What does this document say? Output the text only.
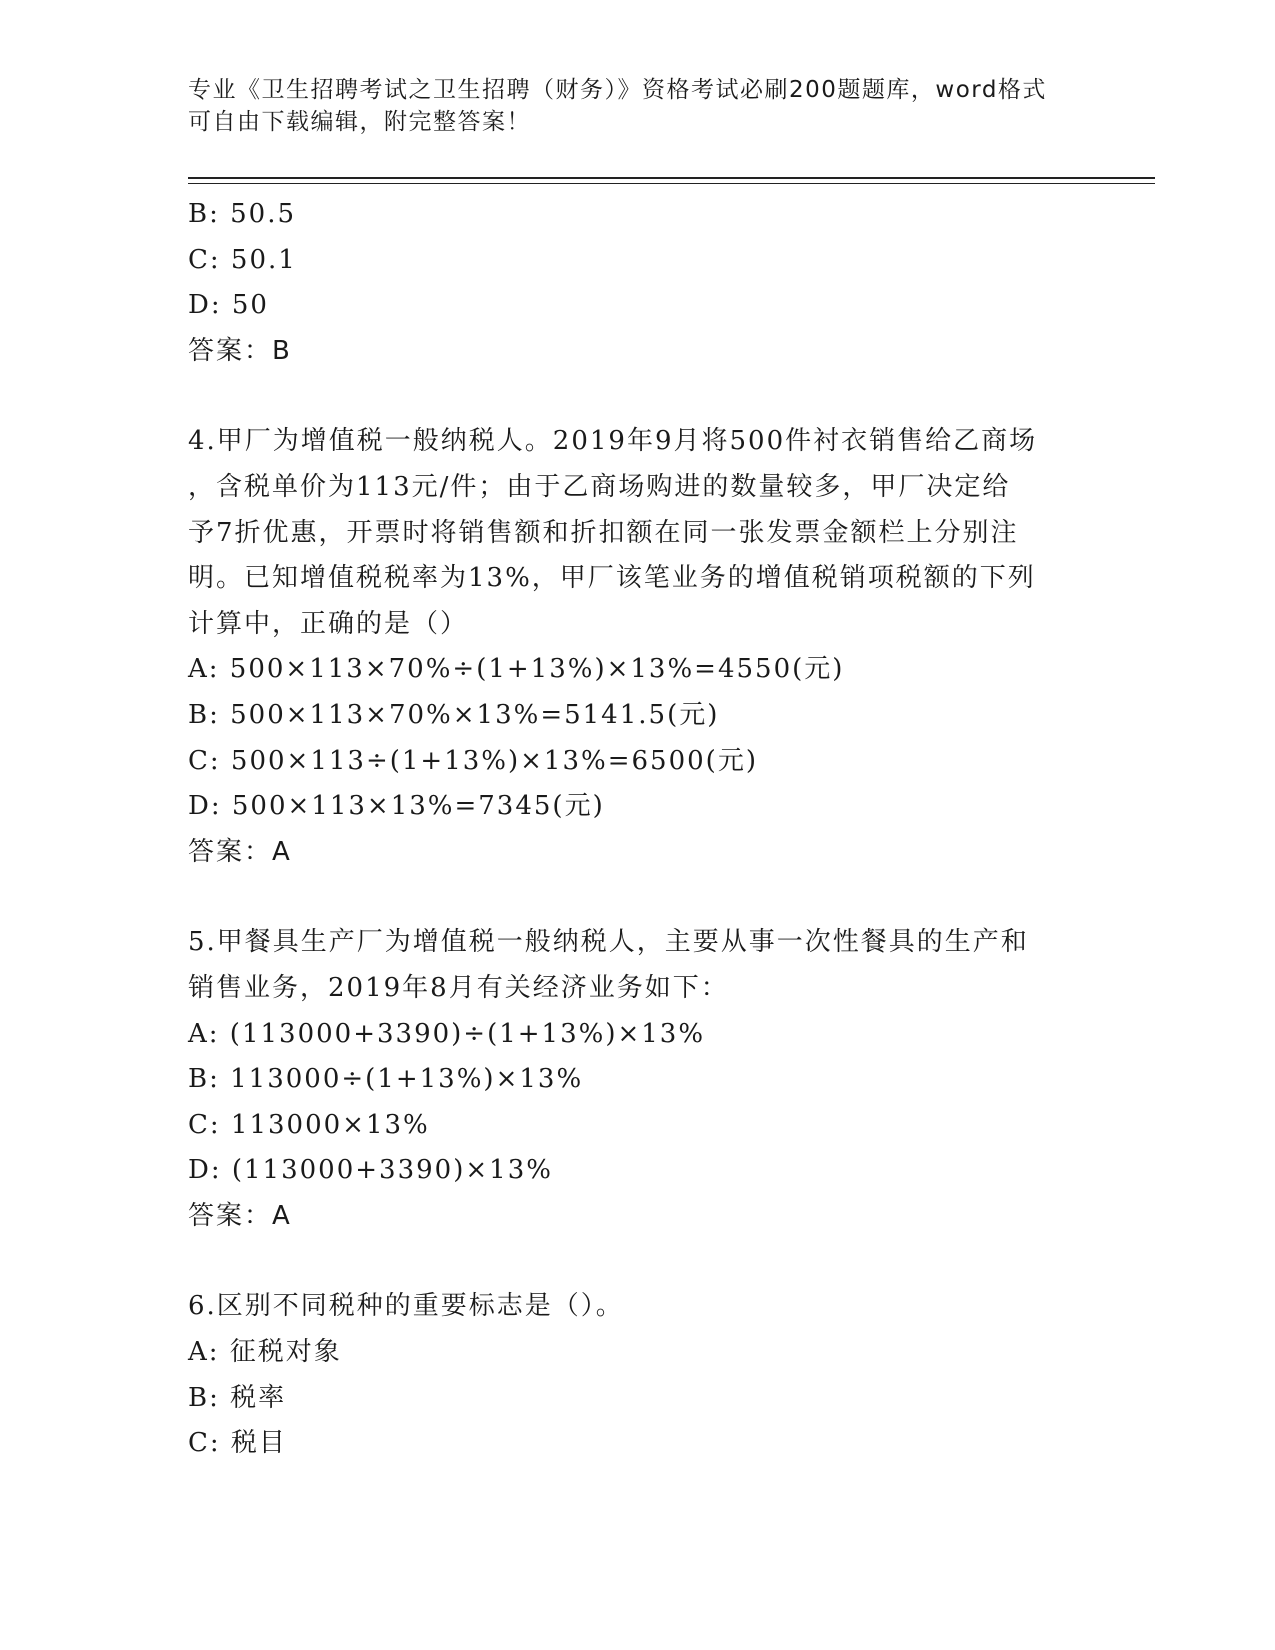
专业《卫生招聘考试之卫生招聘（财务）》资格考试必刷200题题库，word格式
可自由下载编辑，附完整答案！
B: 50.5
C: 50.1
D: 50
答案：B
4.甲厂为增值税一般纳税人。2019年9月将500件衬衣销售给乙商场
，含税单价为113元/件；由于乙商场购进的数量较多，甲厂决定给
予7折优惠，开票时将销售额和折扣额在同一张发票金额栏上分别注
明。已知增值税税率为13%，甲厂该笔业务的增值税销项税额的下列
计算中，正确的是（）
A: 500×113×70%÷(1+13%)×13%=4550(元)
B: 500×113×70%×13%=5141.5(元)
C: 500×113÷(1+13%)×13%=6500(元)
D: 500×113×13%=7345(元)
答案：A
5.甲餐具生产厂为增值税一般纳税人，主要从事一次性餐具的生产和
销售业务，2019年8月有关经济业务如下：
A: (113000+3390)÷(1+13%)×13%
B: 113000÷(1+13%)×13%
C: 113000×13%
D: (113000+3390)×13%
答案：A
6.区别不同税种的重要标志是（）。
A: 征税对象
B: 税率
C: 税目
